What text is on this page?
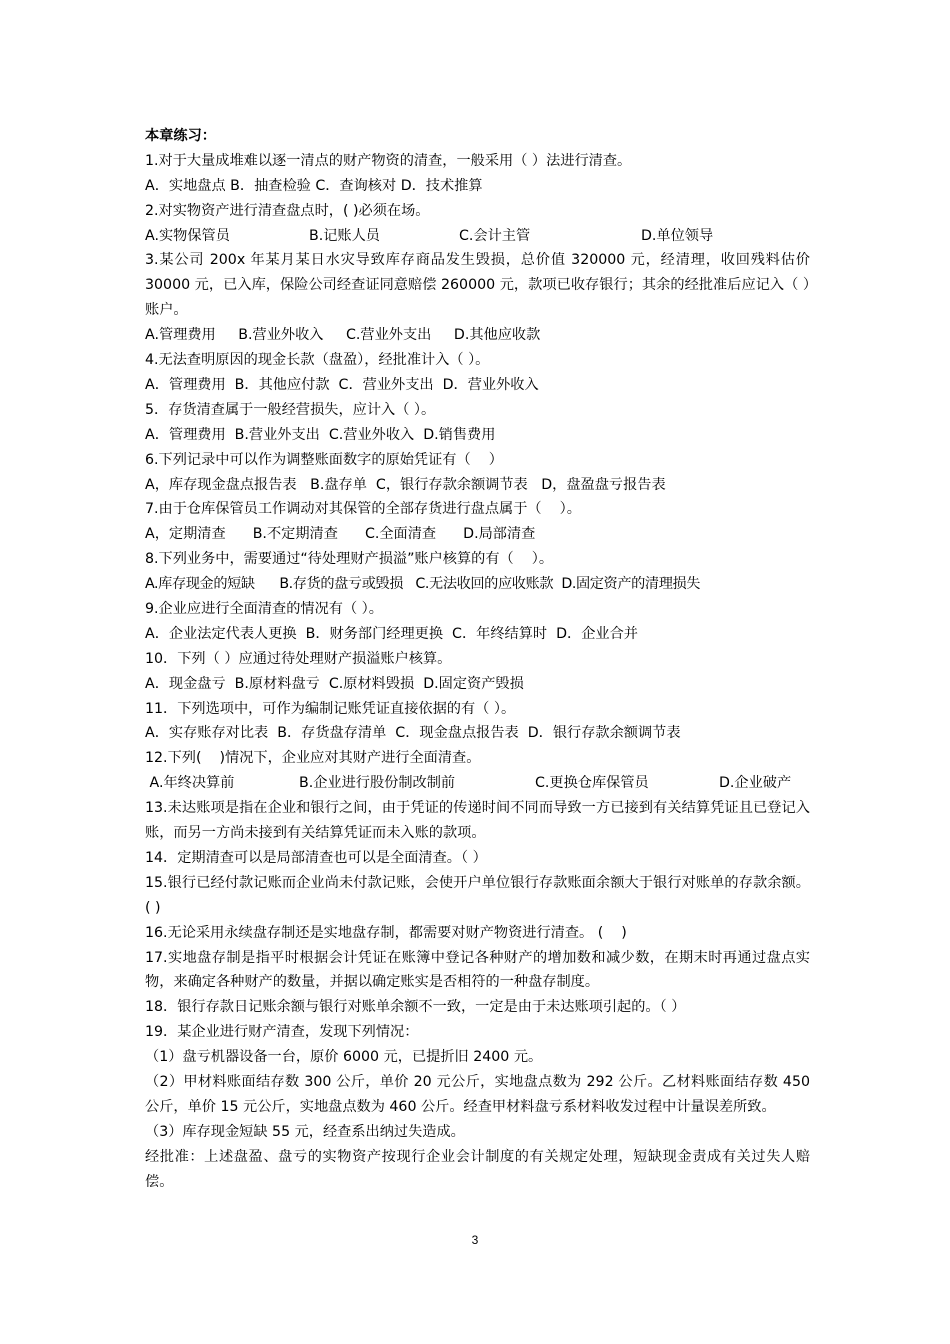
本章练习：
1.对于大量成堆难以逐一清点的财产物资的清查，一般采用（ ）法进行清查。
A．实地盘点 B．抽查检验 C．查询核对 D．技术推算
2.对实物资产进行清查盘点时，( )必须在场。
A.实物保管员	B.记账人员	C.会计主管	D.单位领导
3.某公司 200x 年某月某日水灾导致库存商品发生毁损，总价值 320000 元，经清理，收回残料估价 30000 元，已入库，保险公司经查证同意赔偿 260000 元，款项已收存银行；其余的经批准后应记入（ ）账户。
A.管理费用     B.营业外收入     C.营业外支出     D.其他应收款
4.无法查明原因的现金长款（盘盈），经批准计入（ ）。
A．管理费用  B．其他应付款  C．营业外支出  D．营业外收入
5．存货清查属于一般经营损失，应计入（ ）。
A．管理费用  B.营业外支出  C.营业外收入  D.销售费用
6.下列记录中可以作为调整账面数字的原始凭证有（    ）
A，库存现金盘点报告表   B.盘存单  C，银行存款余额调节表   D，盘盈盘亏报告表
7.由于仓库保管员工作调动对其保管的全部存货进行盘点属于（    ）。
A，定期清查      B.不定期清查      C.全面清查      D.局部清查
8.下列业务中，需要通过“待处理财产损溢”账户核算的有（    ）。
A.库存现金的短缺      B.存货的盘亏或毁损   C.无法收回的应收账款  D.固定资产的清理损失
9.企业应进行全面清查的情况有（ ）。
A．企业法定代表人更换  B．财务部门经理更换  C．年终结算时  D．企业合并
10．下列（ ）应通过待处理财产损溢账户核算。
A．现金盘亏  B.原材料盘亏  C.原材料毁损  D.固定资产毁损
11．下列选项中，可作为编制记账凭证直接依据的有（ ）。
A．实存账存对比表  B．存货盘存清单  C．现金盘点报告表  D．银行存款余额调节表
12.下列(    )情况下，企业应对其财产进行全面清查。
A.年终决算前	B.企业进行股份制改制前	C.更换仓库保管员	D.企业破产
13.未达账项是指在企业和银行之间，由于凭证的传递时间不同而导致一方已接到有关结算凭证且已登记入账，而另一方尚未接到有关结算凭证而未入账的款项。
14．定期清查可以是局部清查也可以是全面清查。（ ）
15.银行已经付款记账而企业尚未付款记账，会使开户单位银行存款账面余额大于银行对账单的存款余额。 ( )
16.无论采用永续盘存制还是实地盘存制，都需要对财产物资进行清查。 (    )
17.实地盘存制是指平时根据会计凭证在账簿中登记各种财产的增加数和减少数，在期末时再通过盘点实物，来确定各种财产的数量，并据以确定账实是否相符的一种盘存制度。
18．银行存款日记账余额与银行对账单余额不一致，一定是由于未达账项引起的。（ ）
19．某企业进行财产清查，发现下列情况：
（1）盘亏机器设备一台，原价 6000 元，已提折旧 2400 元。
（2）甲材料账面结存数 300 公斤，单价 20 元公斤，实地盘点数为 292 公斤。乙材料账面结存数 450 公斤，单价 15 元公斤，实地盘点数为 460 公斤。经查甲材料盘亏系材料收发过程中计量误差所致。
（3）库存现金短缺 55 元，经查系出纳过失造成。
经批准：上述盘盈、盘亏的实物资产按现行企业会计制度的有关规定处理，短缺现金责成有关过失人赔偿。
3
